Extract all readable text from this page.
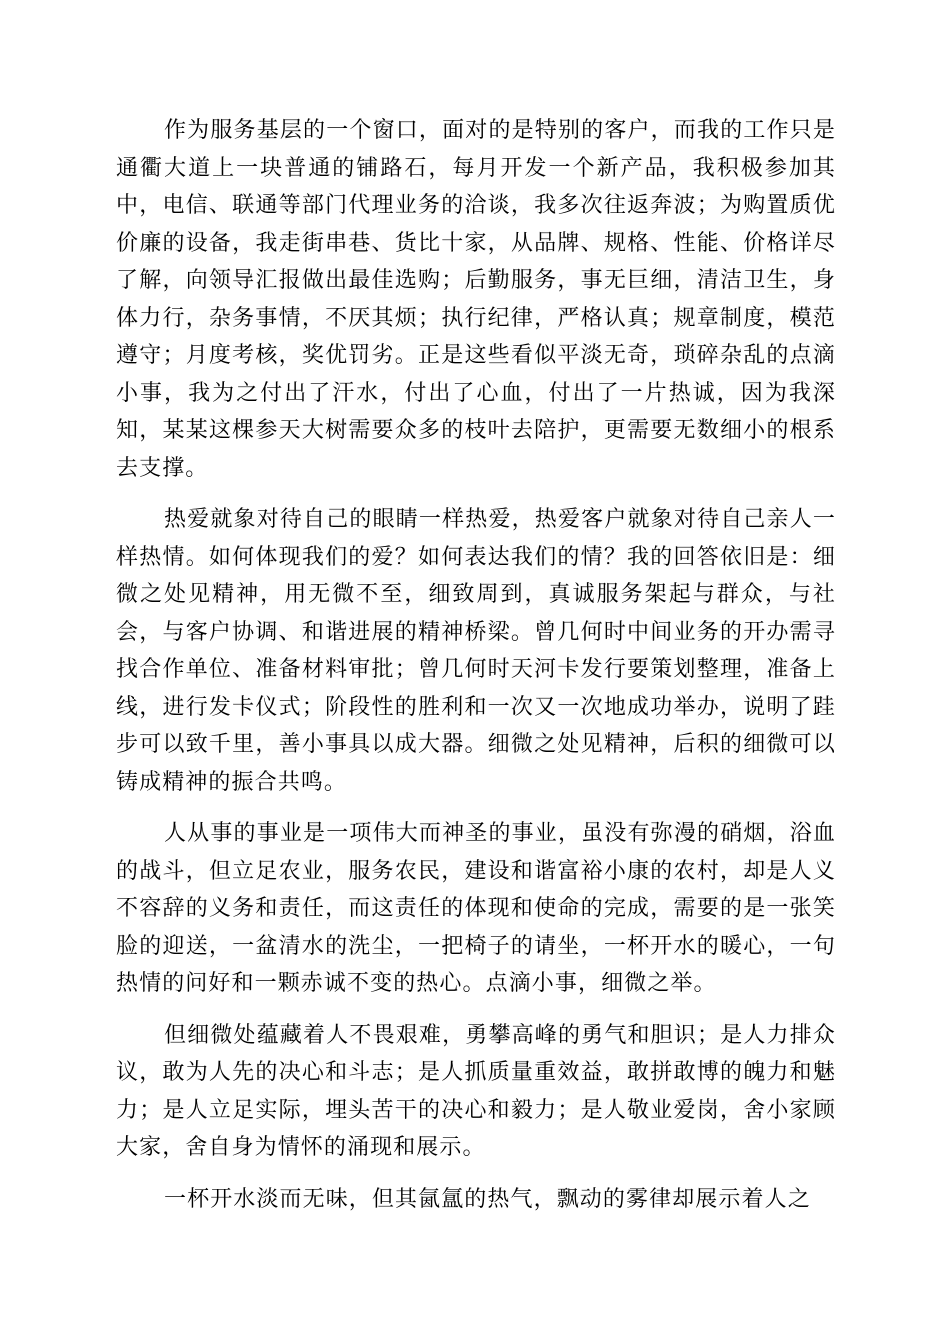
作为服务基层的一个窗口，面对的是特别的客户，而我的工作只是通衢大道上一块普通的铺路石，每月开发一个新产品，我积极参加其中，电信、联通等部门代理业务的洽谈，我多次往返奔波；为购置质优价廉的设备，我走街串巷、货比十家，从品牌、规格、性能、价格详尽了解，向领导汇报做出最佳选购；后勤服务，事无巨细，清洁卫生，身体力行，杂务事情，不厌其烦；执行纪律，严格认真；规章制度，模范遵守；月度考核，奖优罚劣。正是这些看似平淡无奇，琐碎杂乱的点滴小事，我为之付出了汗水，付出了心血，付出了一片热诚，因为我深知，某某这棵参天大树需要众多的枝叶去陪护，更需要无数细小的根系去支撑。

热爱就象对待自己的眼睛一样热爱，热爱客户就象对待自己亲人一样热情。如何体现我们的爱？如何表达我们的情？我的回答依旧是：细微之处见精神，用无微不至，细致周到，真诚服务架起与群众，与社会，与客户协调、和谐进展的精神桥梁。曾几何时中间业务的开办需寻找合作单位、准备材料审批；曾几何时天河卡发行要策划整理，准备上线，进行发卡仪式；阶段性的胜利和一次又一次地成功举办，说明了跬步可以致千里，善小事具以成大器。细微之处见精神，后积的细微可以铸成精神的振合共鸣。

人从事的事业是一项伟大而神圣的事业，虽没有弥漫的硝烟，浴血的战斗，但立足农业，服务农民，建设和谐富裕小康的农村，却是人义不容辞的义务和责任，而这责任的体现和使命的完成，需要的是一张笑脸的迎送，一盆清水的洗尘，一把椅子的请坐，一杯开水的暖心，一句热情的问好和一颗赤诚不变的热心。点滴小事，细微之举。

但细微处蕴藏着人不畏艰难，勇攀高峰的勇气和胆识；是人力排众议，敢为人先的决心和斗志；是人抓质量重效益，敢拼敢博的魄力和魅力；是人立足实际，埋头苦干的决心和毅力；是人敬业爱岗，舍小家顾大家，舍自身为情怀的涌现和展示。

一杯开水淡而无味，但其氤氲的热气，飘动的雾律却展示着人之
